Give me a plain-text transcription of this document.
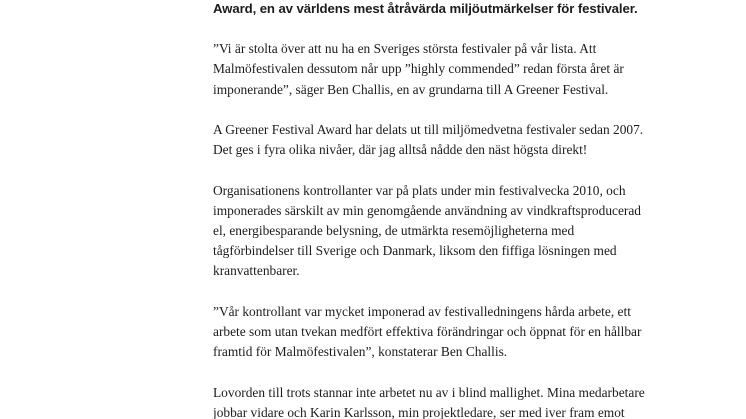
Award, en av världens mest åtråvärda miljöutmärkelser för festivaler.

”Vi är stolta över att nu ha en Sveriges största festivaler på vår lista. Att
Malmöfestivalen dessutom når upp ”highly commended” redan första året är
imponerande”, säger Ben Challis, en av grundarna till A Greener Festival.

A Greener Festival Award har delats ut till miljömedvetna festivaler sedan 2007.
Det ges i fyra olika nivåer, där jag alltså nådde den näst högsta direkt!

Organisationens kontrollanter var på plats under min festivalvecka 2010, och
imponerades särskilt av min genomgående användning av vindkraftsproducerad
el, energibesparande belysning, de utmärkta resemöjligheterna med
tågförbindelser till Sverige och Danmark, liksom den fiffiga lösningen med
kranvattenbarer.

”Vår kontrollant var mycket imponerad av festivalledningens hårda arbete, ett
arbete som utan tvekan medfört effektiva förändringar och öppnat för en hållbar
framtid för Malmöfestivalen”, konstaterar Ben Challis.

Lovorden till trots stannar inte arbetet nu av i blind mallighet. Mina medarbetare
jobbar vidare och Karin Karlsson, min projektledare, ser med iver fram emot
